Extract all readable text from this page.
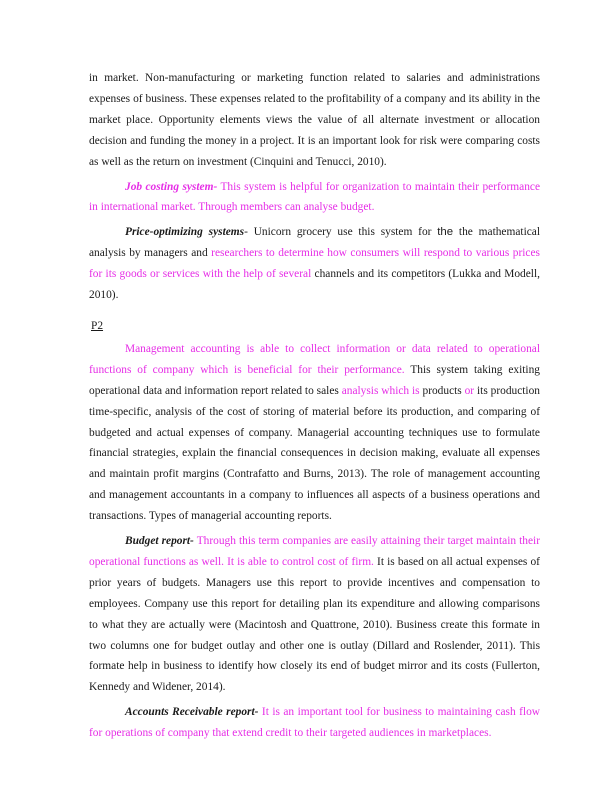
in market. Non-manufacturing or marketing function related to salaries and administrations expenses of business. These expenses related to the profitability of a company and its ability in the market place. Opportunity elements views the value of all alternate investment or allocation decision and funding the money in a project. It is an important look for risk were comparing costs as well as the return on investment (Cinquini and Tenucci, 2010).

Job costing system- This system is helpful for organization to maintain their performance in international market. Through members can analyse budget.

Price-optimizing systems- Unicorn grocery use this system for the the mathematical analysis by managers and researchers to determine how consumers will respond to various prices for its goods or services with the help of several channels and its competitors (Lukka and Modell, 2010).

P2

Management accounting is able to collect information or data related to operational functions of company which is beneficial for their performance. This system taking exiting operational data and information report related to sales analysis which is products or its production time-specific, analysis of the cost of storing of material before its production, and comparing of budgeted and actual expenses of company. Managerial accounting techniques use to formulate financial strategies, explain the financial consequences in decision making, evaluate all expenses and maintain profit margins (Contrafatto and Burns, 2013). The role of management accounting and management accountants in a company to influences all aspects of a business operations and transactions. Types of managerial accounting reports.

Budget report- Through this term companies are easily attaining their target maintain their operational functions as well. It is able to control cost of firm. It is based on all actual expenses of prior years of budgets. Managers use this report to provide incentives and compensation to employees. Company use this report for detailing plan its expenditure and allowing comparisons to what they are actually were (Macintosh and Quattrone, 2010). Business create this formate in two columns one for budget outlay and other one is outlay (Dillard and Roslender, 2011). This formate help in business to identify how closely its end of budget mirror and its costs (Fullerton, Kennedy and Widener, 2014).

Accounts Receivable report- It is an important tool for business to maintaining cash flow for operations of company that extend credit to their targeted audiences in marketplaces.
